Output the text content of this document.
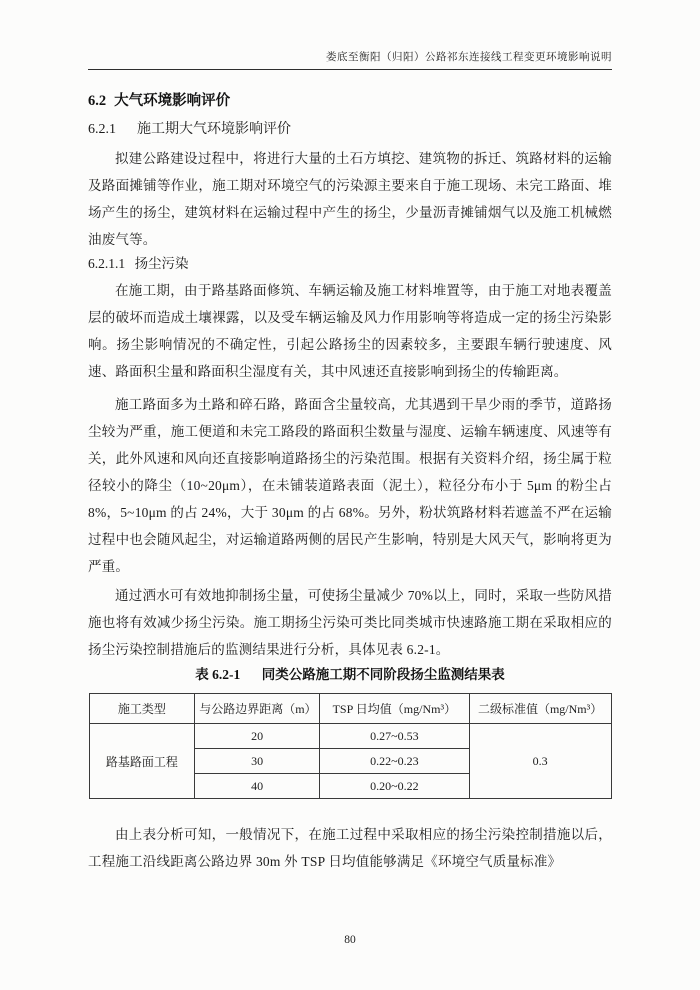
娄底至衡阳（归阳）公路祁东连接线工程变更环境影响说明
6.2 大气环境影响评价
6.2.1 施工期大气环境影响评价

拟建公路建设过程中，将进行大量的土石方填挖、建筑物的拆迁、筑路材料的运输及路面摊铺等作业，施工期对环境空气的污染源主要来自于施工现场、未完工路面、堆场产生的扬尘，建筑材料在运输过程中产生的扬尘，少量沥青摊铺烟气以及施工机械燃油废气等。

6.2.1.1 扬尘污染

在施工期，由于路基路面修筑、车辆运输及施工材料堆置等，由于施工对地表覆盖层的破坏而造成土壤裸露，以及受车辆运输及风力作用影响等将造成一定的扬尘污染影响。扬尘影响情况的不确定性，引起公路扬尘的因素较多，主要跟车辆行驶速度、风速、路面积尘量和路面积尘湿度有关，其中风速还直接影响到扬尘的传输距离。

施工路面多为土路和碎石路，路面含尘量较高，尤其遇到干旱少雨的季节，道路扬尘较为严重，施工便道和未完工路段的路面积尘数量与湿度、运输车辆速度、风速等有关，此外风速和风向还直接影响道路扬尘的污染范围。根据有关资料介绍，扬尘属于粒径较小的降尘（10~20μm），在未铺装道路表面（泥土），粒径分布小于 5μm 的粉尘占 8%，5~10μm 的占 24%，大于 30μm 的占 68%。另外，粉状筑路材料若遮盖不严在运输过程中也会随风起尘，对运输道路两侧的居民产生影响，特别是大风天气，影响将更为严重。

通过洒水可有效地抑制扬尘量，可使扬尘量减少 70%以上，同时，采取一些防风措施也将有效减少扬尘污染。施工期扬尘污染可类比同类城市快速路施工期在采取相应的扬尘污染控制措施后的监测结果进行分析，具体见表 6.2-1。

表 6.2-1 同类公路施工期不同阶段扬尘监测结果表
施工类型	与公路边界距离（m）	TSP 日均值（mg/Nm³）	二级标准值（mg/Nm³）
路基路面工程	20	0.27~0.53	0.3
	30	0.22~0.23	
	40	0.20~0.22	

由上表分析可知，一般情况下，在施工过程中采取相应的扬尘污染控制措施以后，工程施工沿线距离公路边界 30m 外 TSP 日均值能够满足《环境空气质量标准》

80
